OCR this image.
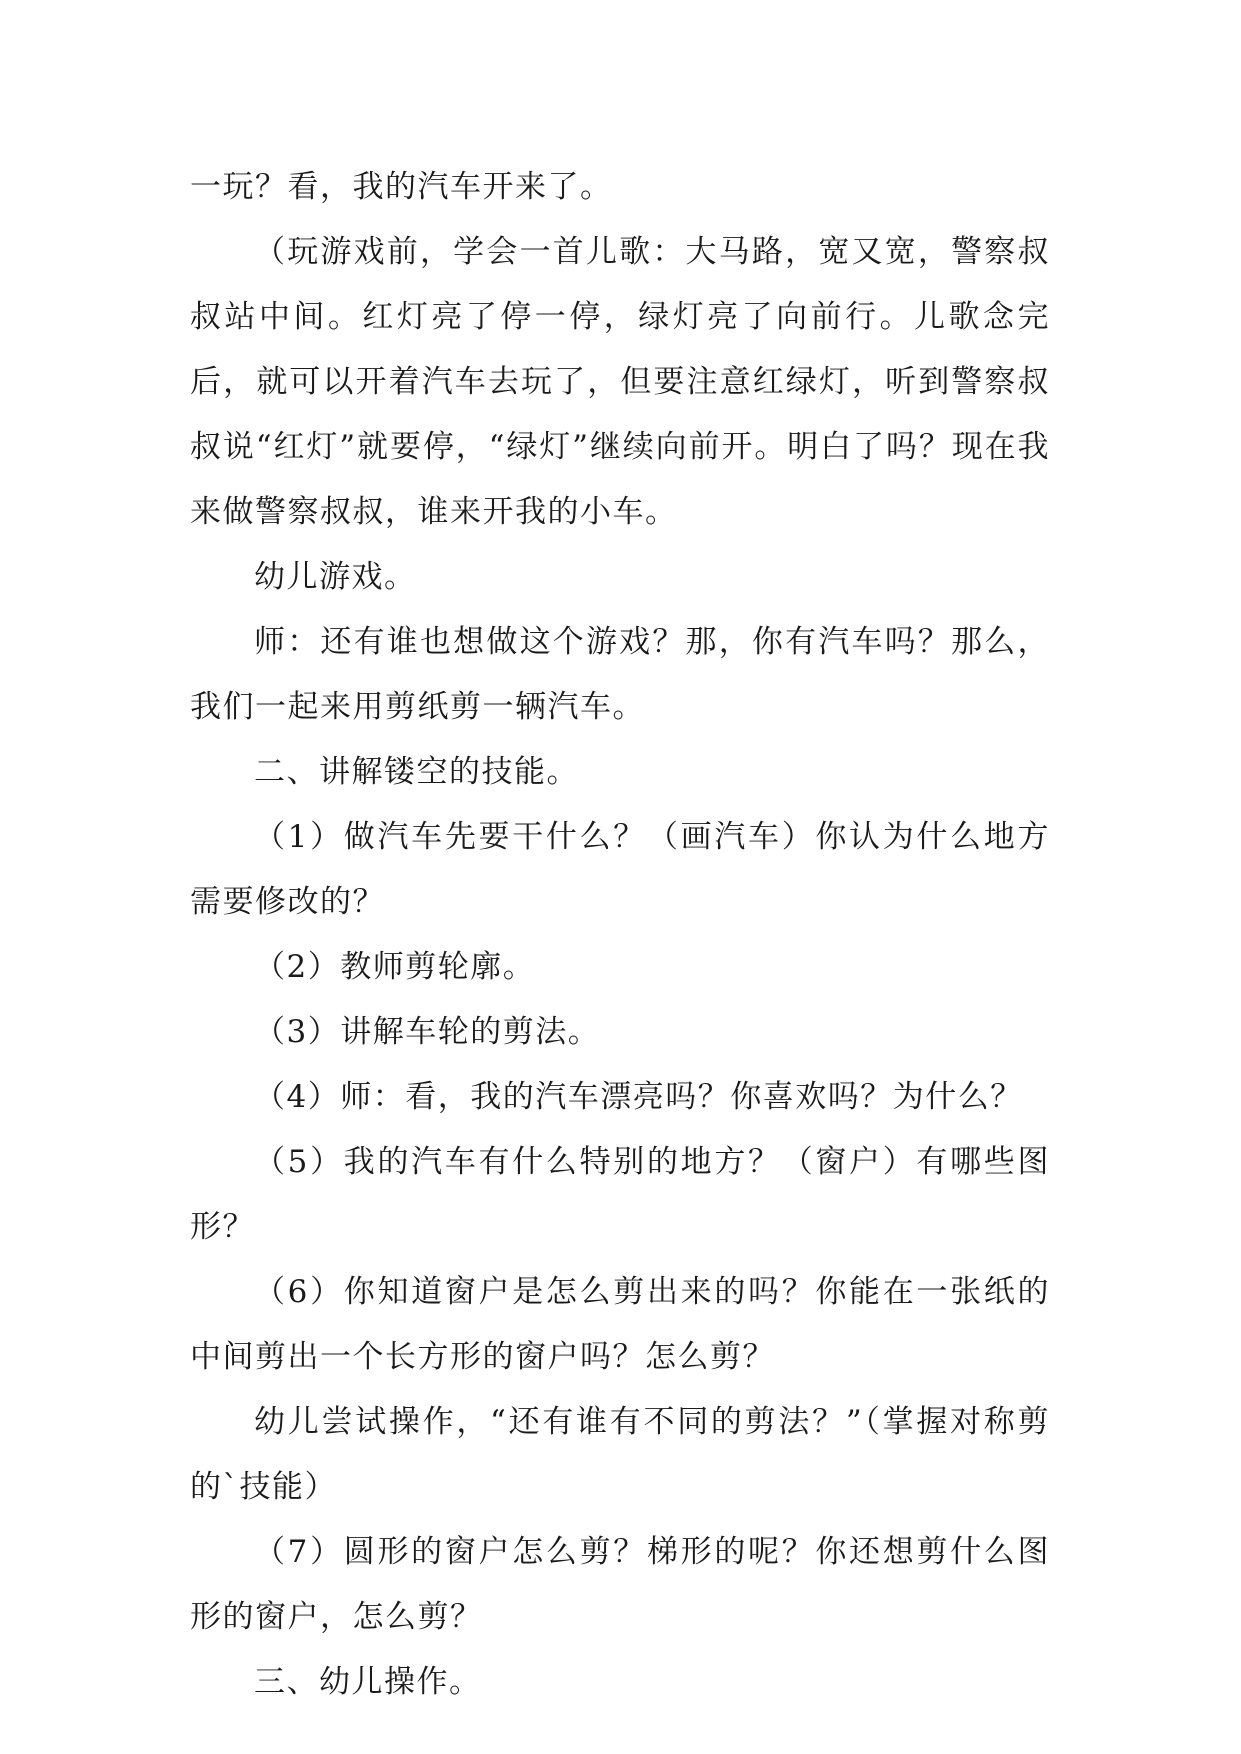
一玩？看，我的汽车开来了。

（玩游戏前，学会一首儿歌：大马路，宽又宽，警察叔叔站中间。红灯亮了停一停，绿灯亮了向前行。儿歌念完后，就可以开着汽车去玩了，但要注意红绿灯，听到警察叔叔说“红灯”就要停，“绿灯”继续向前开。明白了吗？现在我来做警察叔叔，谁来开我的小车。

幼儿游戏。

师：还有谁也想做这个游戏？那，你有汽车吗？那么，我们一起来用剪纸剪一辆汽车。

二、讲解镂空的技能。

（1）做汽车先要干什么？（画汽车）你认为什么地方需要修改的？

（2）教师剪轮廓。

（3）讲解车轮的剪法。

（4）师：看，我的汽车漂亮吗？你喜欢吗？为什么？

（5）我的汽车有什么特别的地方？（窗户）有哪些图形？

（6）你知道窗户是怎么剪出来的吗？你能在一张纸的中间剪出一个长方形的窗户吗？怎么剪？

幼儿尝试操作，“还有谁有不同的剪法？”（掌握对称剪的`技能）

（7）圆形的窗户怎么剪？梯形的呢？你还想剪什么图形的窗户，怎么剪？

三、幼儿操作。
